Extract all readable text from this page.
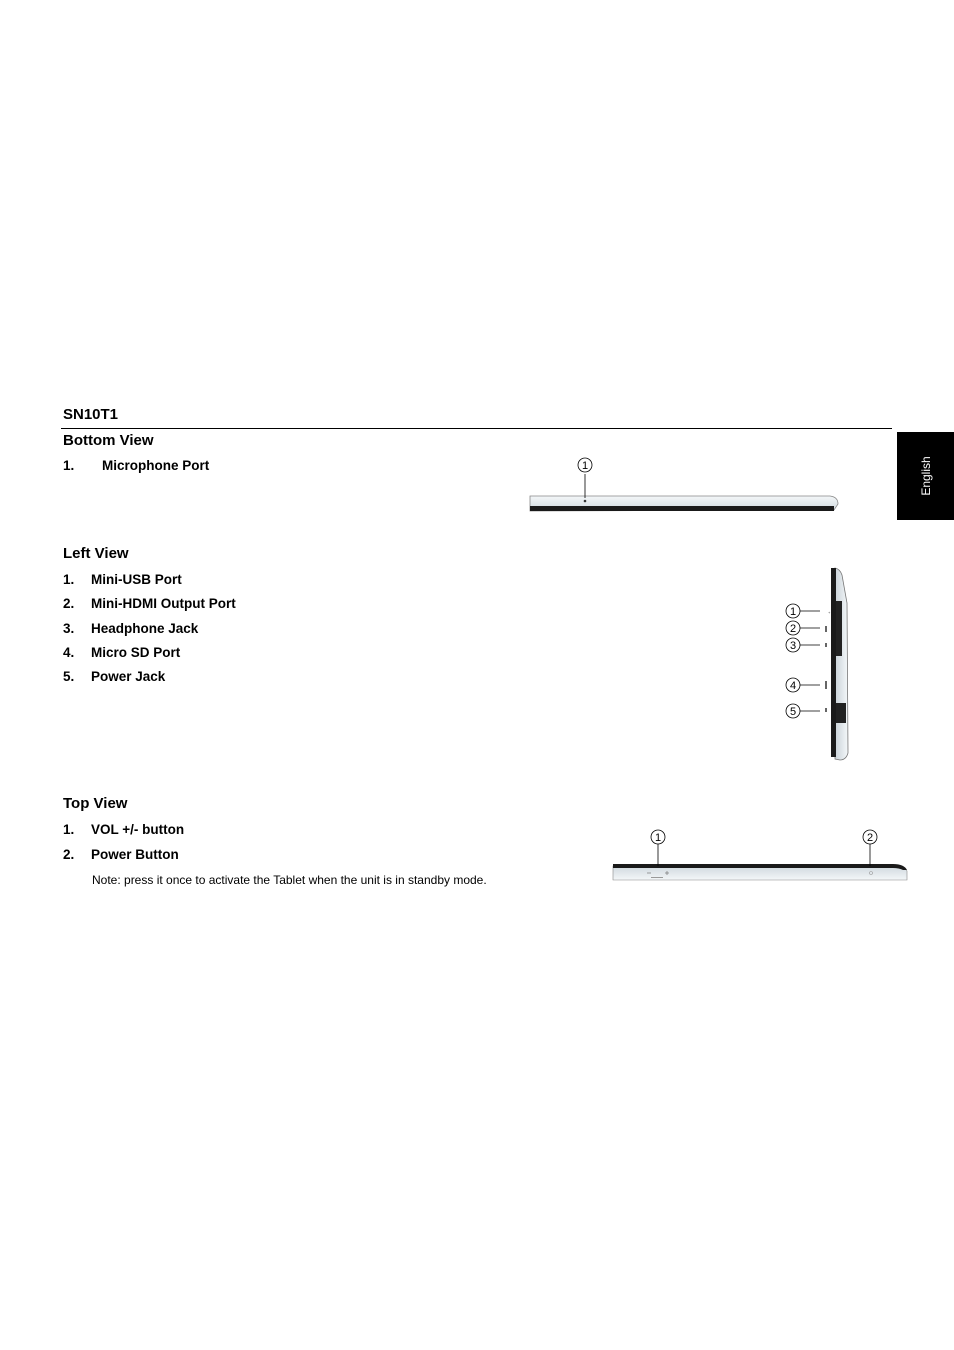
SN10T1
English
Bottom View
1. Microphone Port	1
Left View
1. Mini-USB Port
2. Mini-HDMI Output Port
3. Headphone Jack
4. Micro SD Port
5. Power Jack
+
1
2
3
4
5
Top View
1. VOL +/- button
2. Power Button
Note: press it once to activate the Tablet when the unit is in standby mode.
1	2
